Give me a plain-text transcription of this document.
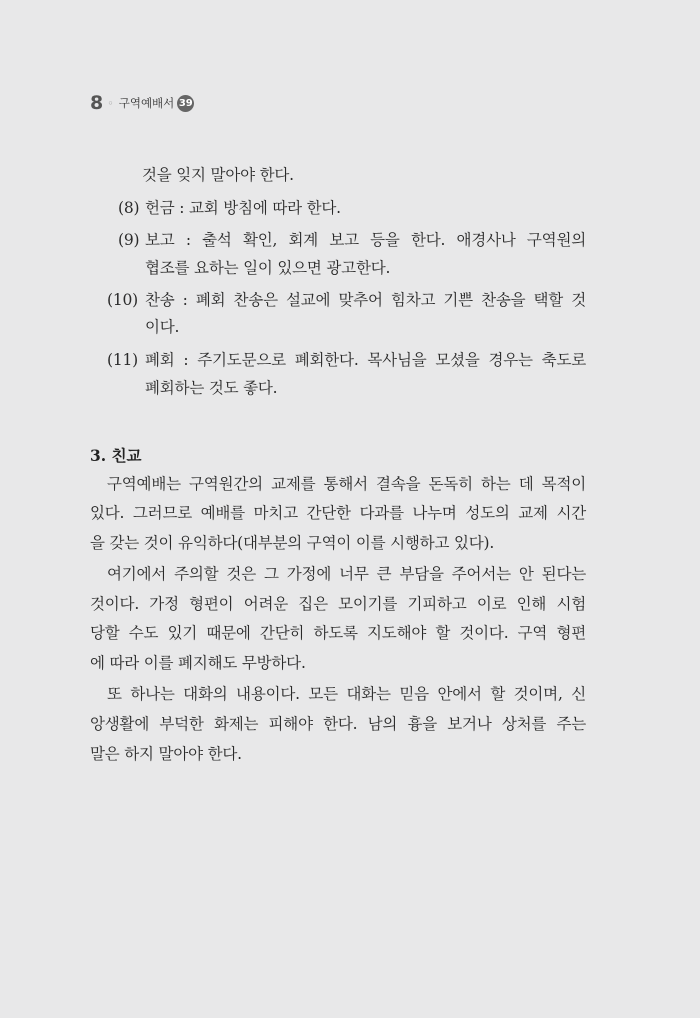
8 ◦ 구역예배서 39
것을 잊지 말아야 한다.
(8) 헌금 : 교회 방침에 따라 한다.
(9) 보고 : 출석 확인, 회계 보고 등을 한다. 애경사나 구역원의
협조를 요하는 일이 있으면 광고한다.
(10) 찬송 : 폐회 찬송은 설교에 맞추어 힘차고 기쁜 찬송을 택할 것
이다.
(11) 폐회 : 주기도문으로 폐회한다. 목사님을 모셨을 경우는 축도로
폐회하는 것도 좋다.
3. 친교
구역예배는 구역원간의 교제를 통해서 결속을 돈독히 하는 데 목적이
있다. 그러므로 예배를 마치고 간단한 다과를 나누며 성도의 교제 시간
을 갖는 것이 유익하다(대부분의 구역이 이를 시행하고 있다).
여기에서 주의할 것은 그 가정에 너무 큰 부담을 주어서는 안 된다는
것이다. 가정 형편이 어려운 집은 모이기를 기피하고 이로 인해 시험
당할 수도 있기 때문에 간단히 하도록 지도해야 할 것이다. 구역 형편
에 따라 이를 폐지해도 무방하다.
또 하나는 대화의 내용이다. 모든 대화는 믿음 안에서 할 것이며, 신
앙생활에 부덕한 화제는 피해야 한다. 남의 흉을 보거나 상처를 주는
말은 하지 말아야 한다.
